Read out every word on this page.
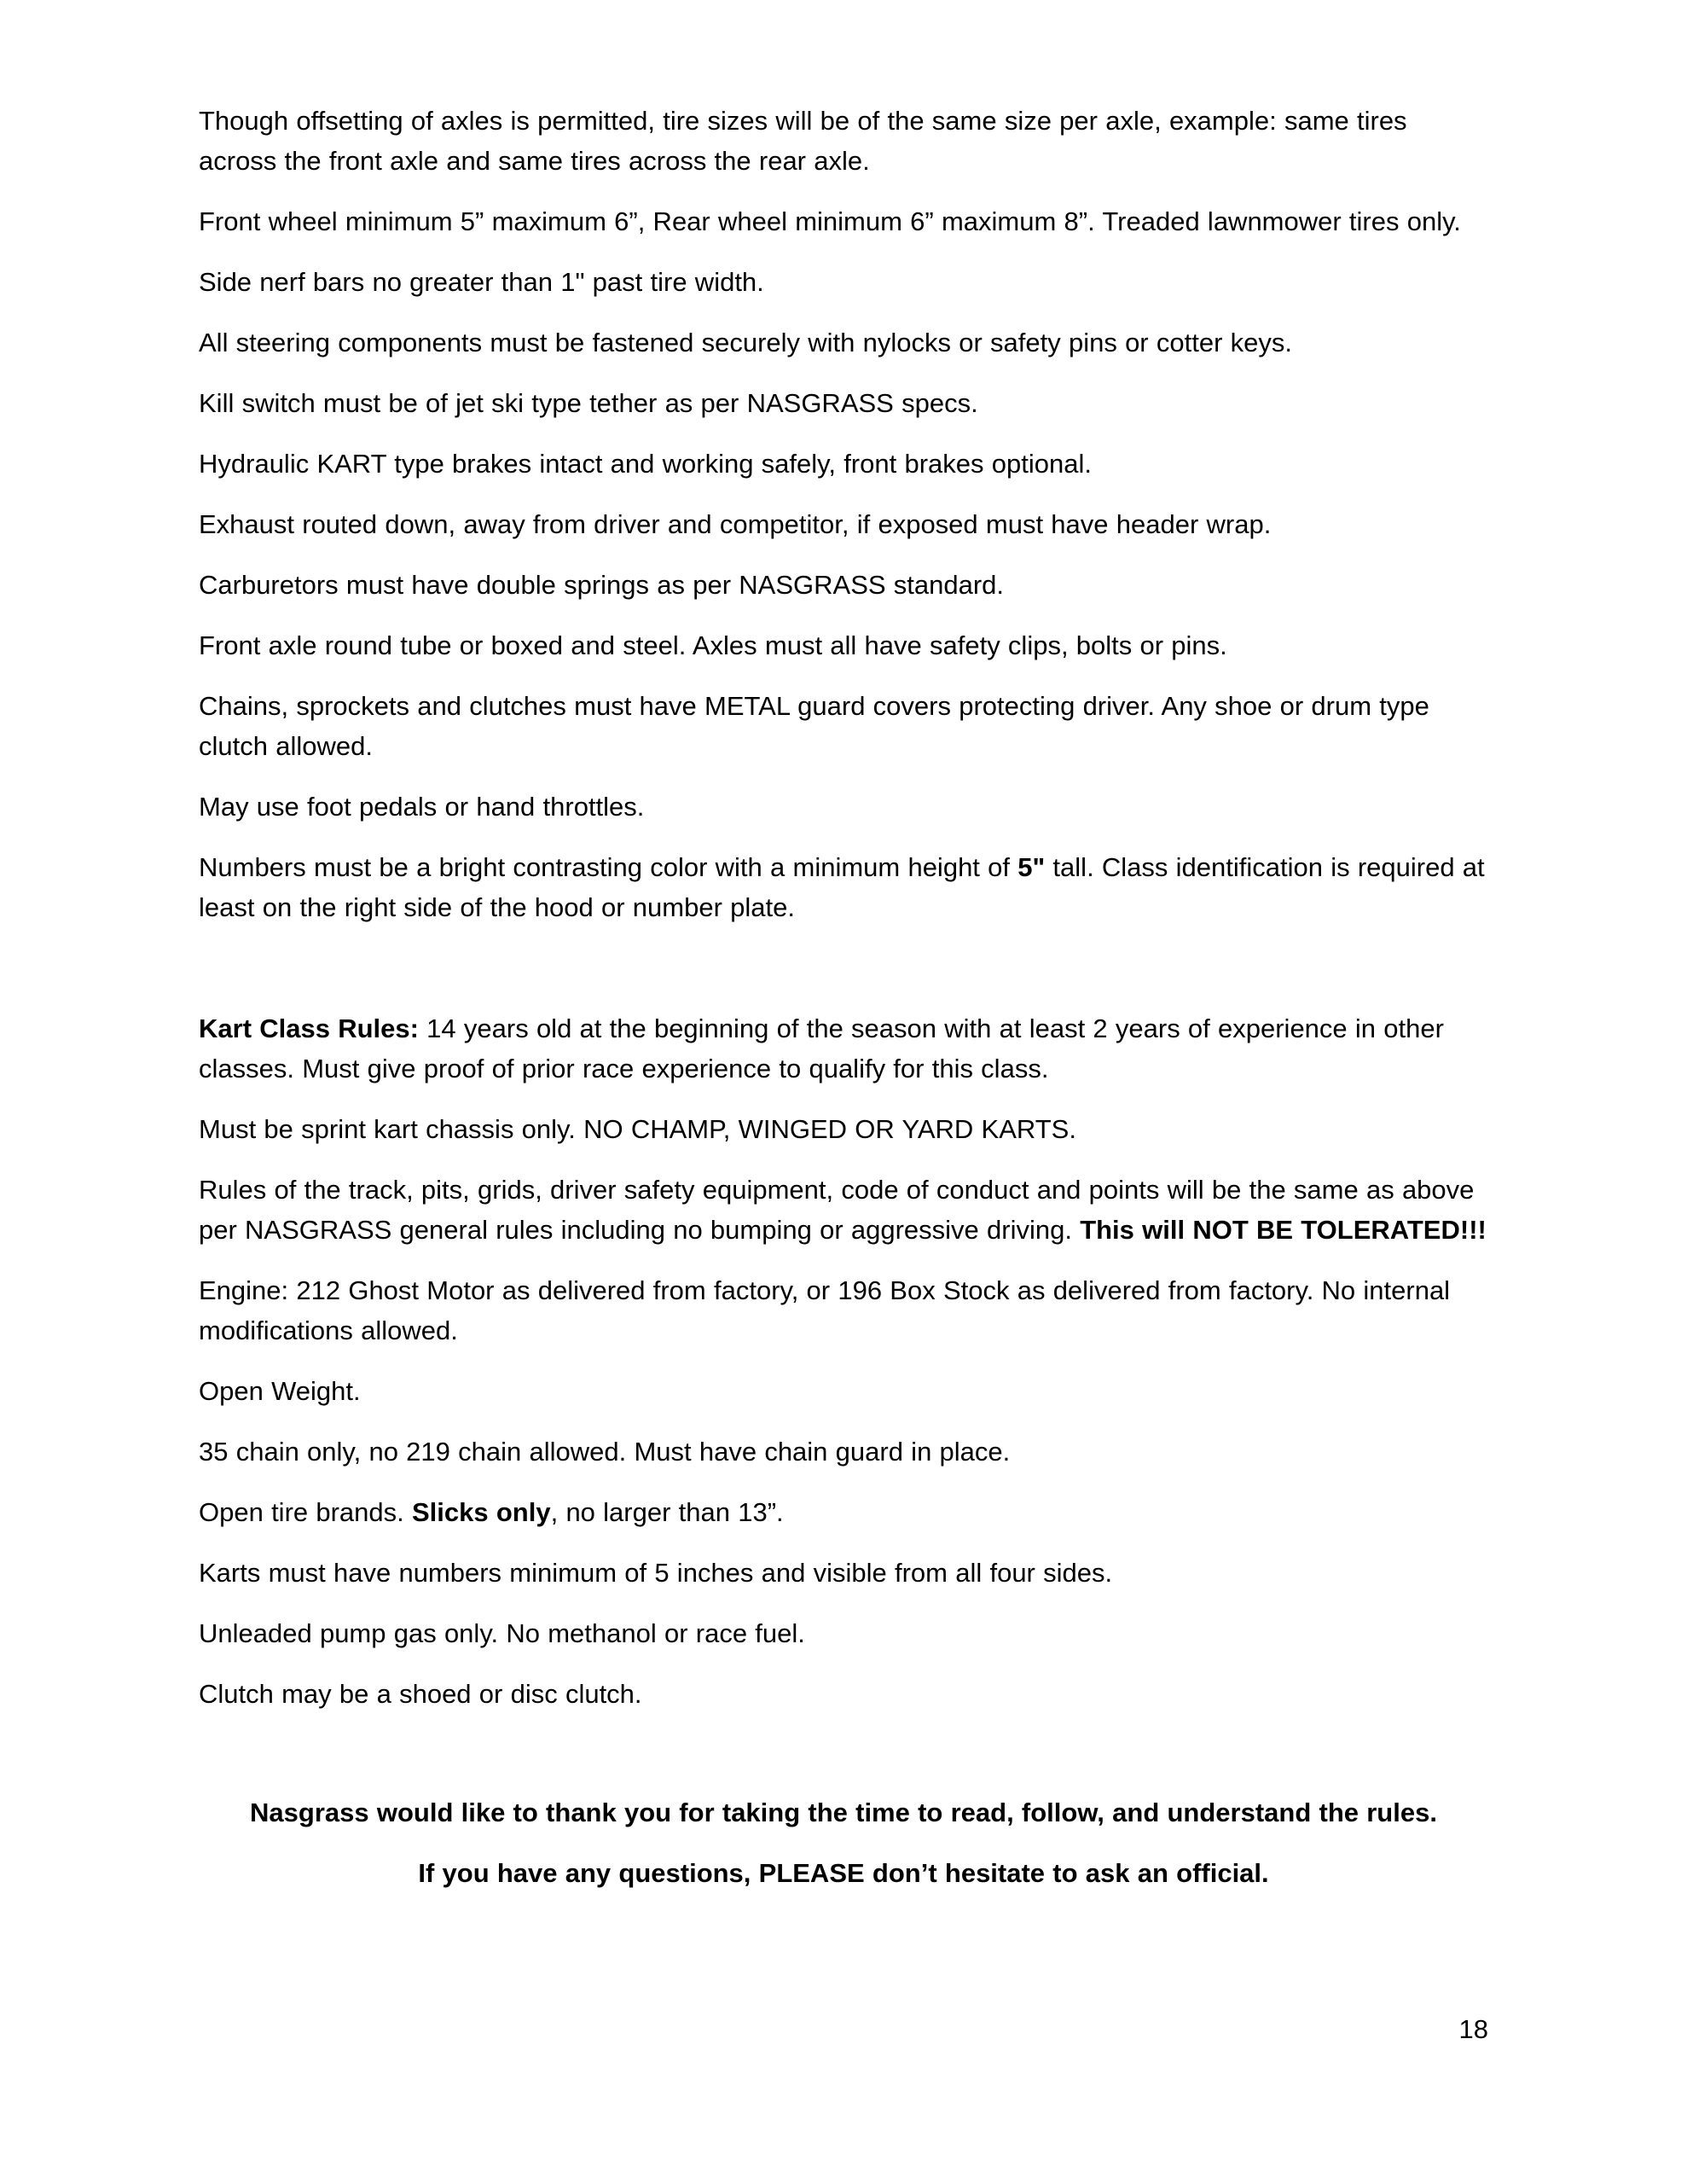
Though offsetting of axles is permitted, tire sizes will be of the same size per axle, example: same tires across the front axle and same tires across the rear axle.

Front wheel minimum 5” maximum 6”, Rear wheel minimum 6” maximum 8”. Treaded lawnmower tires only.

Side nerf bars no greater than 1" past tire width.

All steering components must be fastened securely with nylocks or safety pins or cotter keys.

Kill switch must be of jet ski type tether as per NASGRASS specs.

Hydraulic KART type brakes intact and working safely, front brakes optional.

Exhaust routed down, away from driver and competitor, if exposed must have header wrap.

Carburetors must have double springs as per NASGRASS standard.

Front axle round tube or boxed and steel. Axles must all have safety clips, bolts or pins.

Chains, sprockets and clutches must have METAL guard covers protecting driver. Any shoe or drum type clutch allowed.

May use foot pedals or hand throttles.

Numbers must be a bright contrasting color with a minimum height of 5" tall. Class identification is required at least on the right side of the hood or number plate.

Kart Class Rules: 14 years old at the beginning of the season with at least 2 years of experience in other classes. Must give proof of prior race experience to qualify for this class.

Must be sprint kart chassis only. NO CHAMP, WINGED OR YARD KARTS.

Rules of the track, pits, grids, driver safety equipment, code of conduct and points will be the same as above per NASGRASS general rules including no bumping or aggressive driving. This will NOT BE TOLERATED!!!

Engine: 212 Ghost Motor as delivered from factory, or 196 Box Stock as delivered from factory. No internal modifications allowed.

Open Weight.

35 chain only, no 219 chain allowed. Must have chain guard in place.

Open tire brands. Slicks only, no larger than 13”.

Karts must have numbers minimum of 5 inches and visible from all four sides.

Unleaded pump gas only. No methanol or race fuel.

Clutch may be a shoed or disc clutch.

Nasgrass would like to thank you for taking the time to read, follow, and understand the rules.

If you have any questions, PLEASE don’t hesitate to ask an official.

18
